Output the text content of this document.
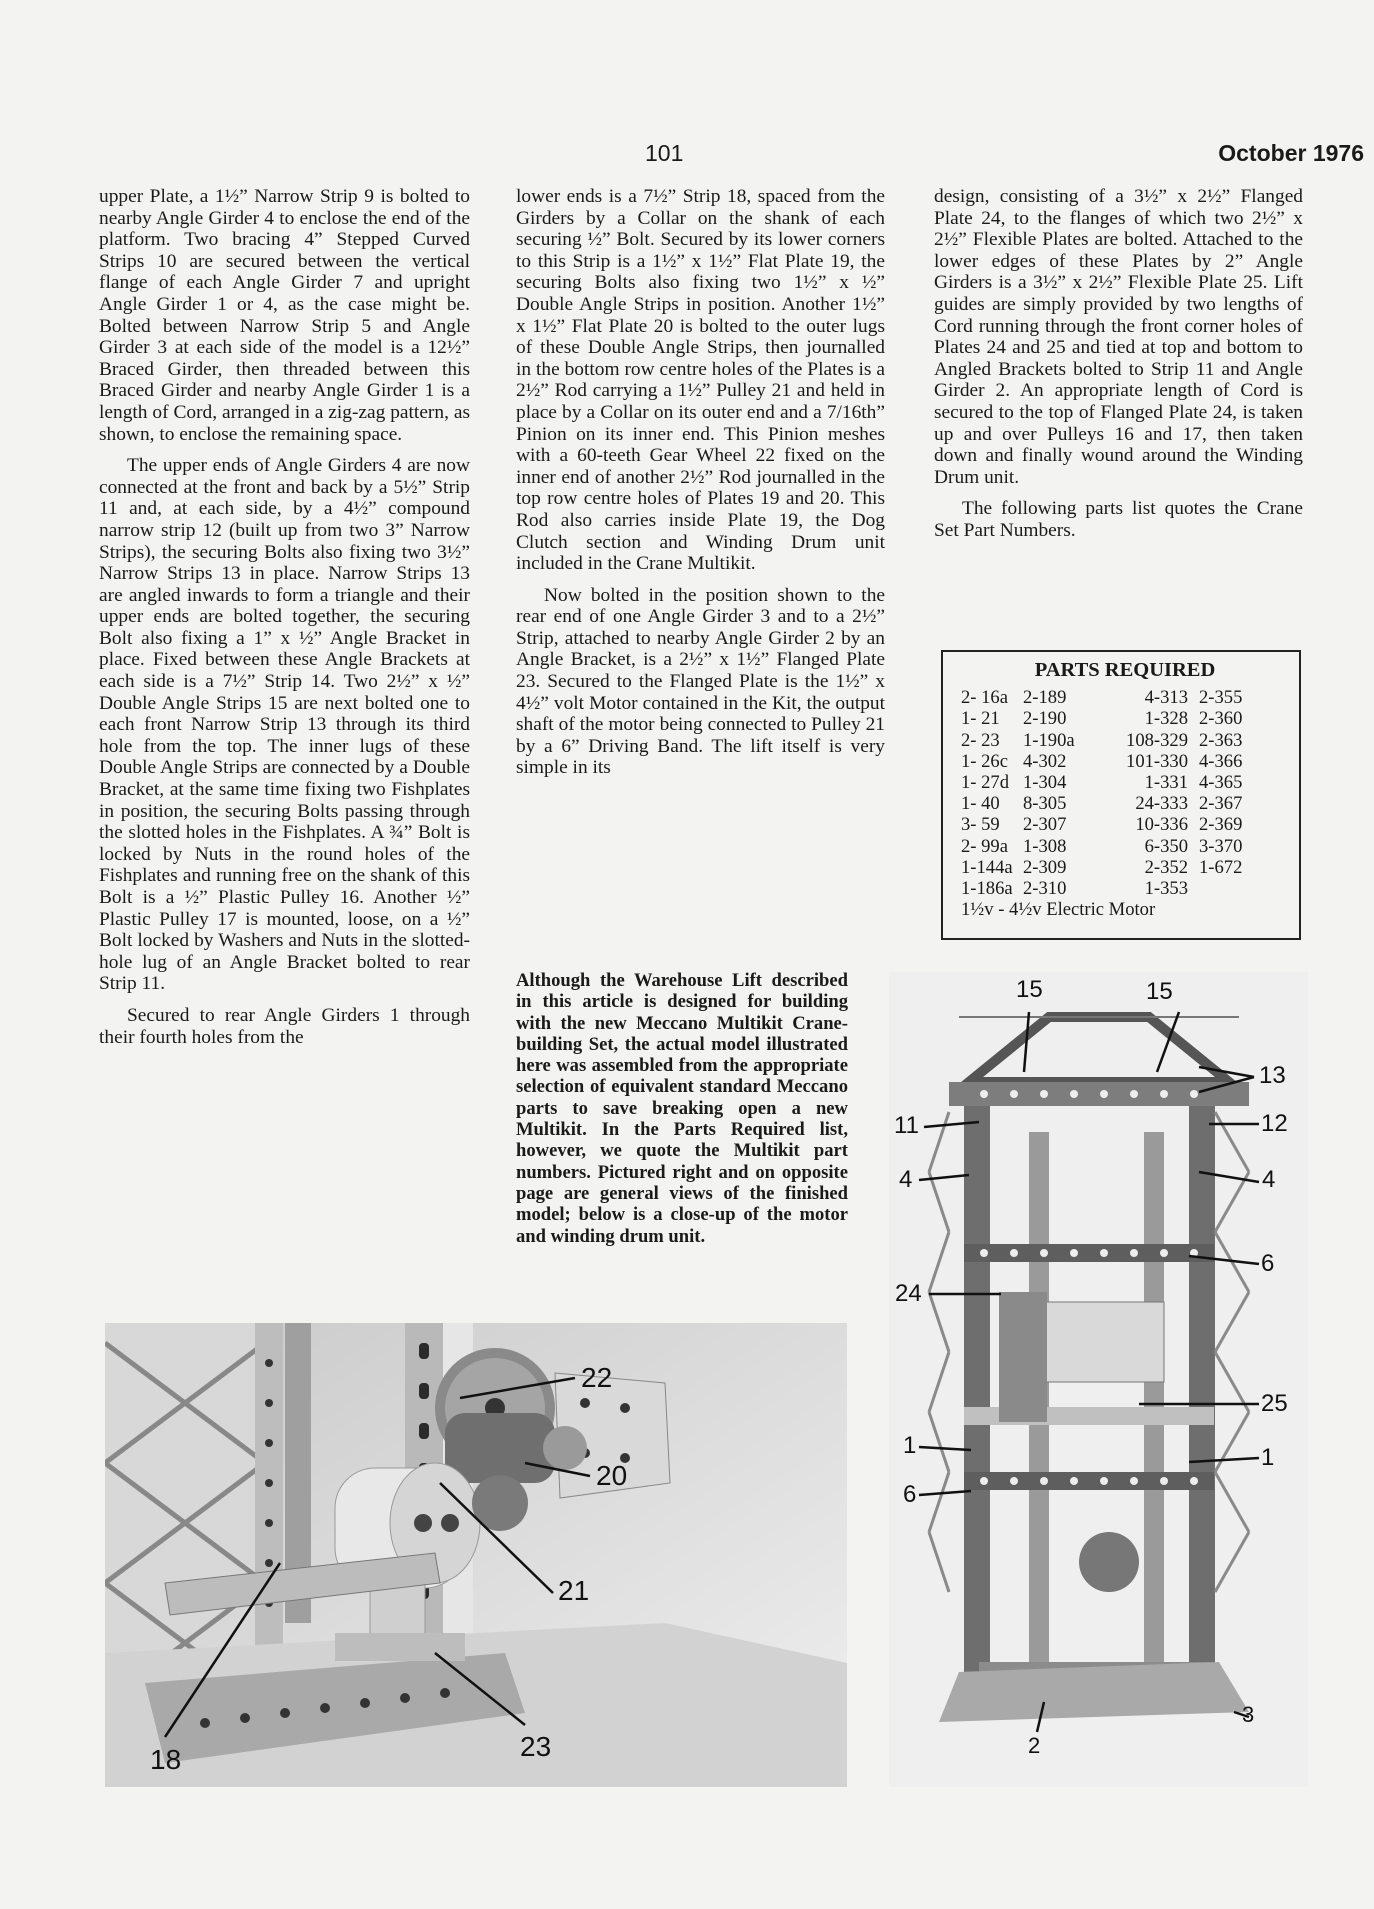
101	October 1976

upper Plate, a 1½” Narrow Strip 9 is bolted to nearby Angle Girder 4 to enclose the end of the platform. Two bracing 4” Stepped Curved Strips 10 are secured between the vertical flange of each Angle Girder 7 and upright Angle Girder 1 or 4, as the case might be. Bolted between Narrow Strip 5 and Angle Girder 3 at each side of the model is a 12½” Braced Girder, then threaded between this Braced Girder and nearby Angle Girder 1 is a length of Cord, arranged in a zig-zag pattern, as shown, to enclose the remaining space.

The upper ends of Angle Girders 4 are now connected at the front and back by a 5½” Strip 11 and, at each side, by a 4½” compound narrow strip 12 (built up from two 3” Narrow Strips), the securing Bolts also fixing two 3½” Narrow Strips 13 in place. Narrow Strips 13 are angled inwards to form a triangle and their upper ends are bolted together, the securing Bolt also fixing a 1” x ½” Angle Bracket in place. Fixed between these Angle Brackets at each side is a 7½” Strip 14. Two 2½” x ½” Double Angle Strips 15 are next bolted one to each front Narrow Strip 13 through its third hole from the top. The inner lugs of these Double Angle Strips are connected by a Double Bracket, at the same time fixing two Fishplates in position, the securing Bolts passing through the slotted holes in the Fishplates. A ¾” Bolt is locked by Nuts in the round holes of the Fishplates and running free on the shank of this Bolt is a ½” Plastic Pulley 16. Another ½” Plastic Pulley 17 is mounted, loose, on a ½” Bolt locked by Washers and Nuts in the slotted-hole lug of an Angle Bracket bolted to rear Strip 11.

Secured to rear Angle Girders 1 through their fourth holes from the

lower ends is a 7½” Strip 18, spaced from the Girders by a Collar on the shank of each securing ½” Bolt. Secured by its lower corners to this Strip is a 1½” x 1½” Flat Plate 19, the securing Bolts also fixing two 1½” x ½” Double Angle Strips in position. Another 1½” x 1½” Flat Plate 20 is bolted to the outer lugs of these Double Angle Strips, then journalled in the bottom row centre holes of the Plates is a 2½” Rod carrying a 1½” Pulley 21 and held in place by a Collar on its outer end and a 7/16th” Pinion on its inner end. This Pinion meshes with a 60-teeth Gear Wheel 22 fixed on the inner end of another 2½” Rod journalled in the top row centre holes of Plates 19 and 20. This Rod also carries inside Plate 19, the Dog Clutch section and Winding Drum unit included in the Crane Multikit.

Now bolted in the position shown to the rear end of one Angle Girder 3 and to a 2½” Strip, attached to nearby Angle Girder 2 by an Angle Bracket, is a 2½” x 1½” Flanged Plate 23. Secured to the Flanged Plate is the 1½” x 4½” volt Motor contained in the Kit, the output shaft of the motor being connected to Pulley 21 by a 6” Driving Band. The lift itself is very simple in its

design, consisting of a 3½” x 2½” Flanged Plate 24, to the flanges of which two 2½” x 2½” Flexible Plates are bolted. Attached to the lower edges of these Plates by 2” Angle Girders is a 3½” x 2½” Flexible Plate 25. Lift guides are simply provided by two lengths of Cord running through the front corner holes of Plates 24 and 25 and tied at top and bottom to Angled Brackets bolted to Strip 11 and Angle Girder 2. An appropriate length of Cord is secured to the top of Flanged Plate 24, is taken up and over Pulleys 16 and 17, then taken down and finally wound around the Winding Drum unit.

The following parts list quotes the Crane Set Part Numbers.

PARTS REQUIRED
2- 16a	2-189	4-313	2-355
1- 21	2-190	1-328	2-360
2- 23	1-190a	108-329	2-363
1- 26c	4-302	101-330	4-366
1- 27d	1-304	1-331	4-365
1- 40	8-305	24-333	2-367
3- 59	2-307	10-336	2-369
2- 99a	1-308	6-350	3-370
1-144a	2-309	2-352	1-672
1-186a	2-310	1-353	
1½v - 4½v Electric Motor
Although the Warehouse Lift described in this article is designed for building with the new Meccano Multikit Crane-building Set, the actual model illustrated here was assembled from the appropriate selection of equivalent standard Meccano parts to save breaking open a new Multikit. In the Parts Required list, however, we quote the Multikit part numbers. Pictured right and on opposite page are general views of the finished model; below is a close-up of the motor and winding drum unit.
22
20
21
18	23
15	15
13
11	12
4	4
6
24
25
1	1
6
3
2
